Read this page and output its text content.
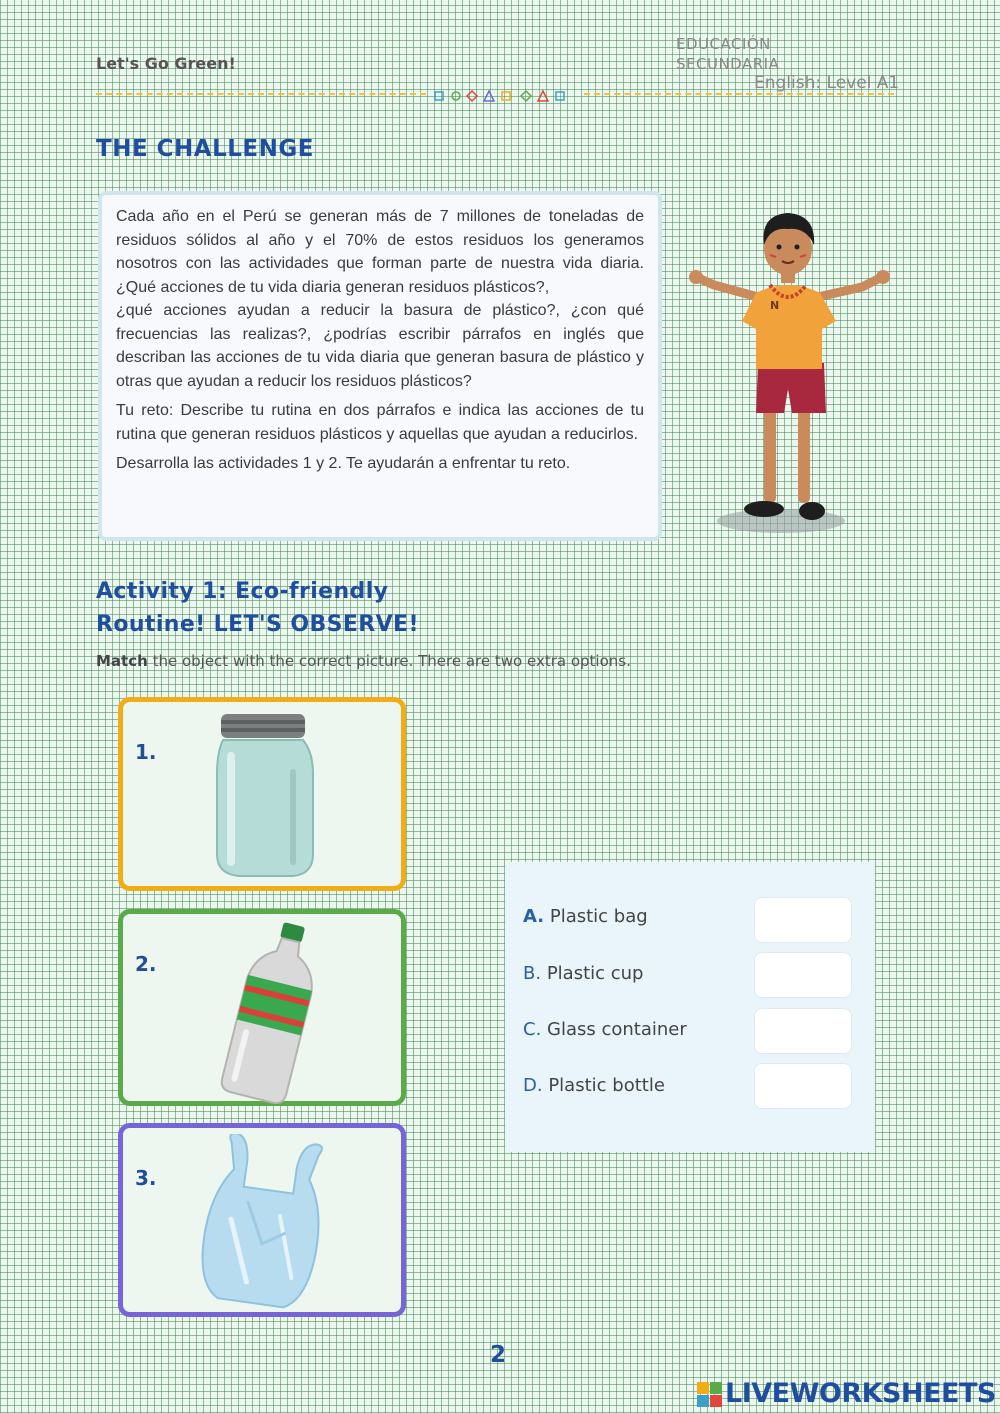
Let's Go Green!
EDUCACIÓN
SECUNDARIA
English: Level A1
THE CHALLENGE

Cada año en el Perú se generan más de 7 millones de toneladas de residuos sólidos al año y el 70% de estos residuos los generamos nosotros con las actividades que forman parte de nuestra vida diaria. ¿Qué acciones de tu vida diaria generan residuos plásticos?,

¿qué acciones ayudan a reducir la basura de plástico?, ¿con qué frecuencias las realizas?, ¿podrías escribir párrafos en inglés que describan las acciones de tu vida diaria que generan basura de plástico y otras que ayudan a reducir los residuos plásticos?

Tu reto: Describe tu rutina en dos párrafos e indica las acciones de tu rutina que generan residuos plásticos y aquellas que ayudan a reducirlos.

Desarrolla las actividades 1 y 2. Te ayudarán a enfrentar tu reto.

N
Activity 1: Eco-friendly
Routine! LET'S OBSERVE!
Match the object with the correct picture. There are two extra options.
1.
2.
3.
A. Plastic bag
B. Plastic cup
C. Glass container
D. Plastic bottle
2
LIVEWORKSHEETS
